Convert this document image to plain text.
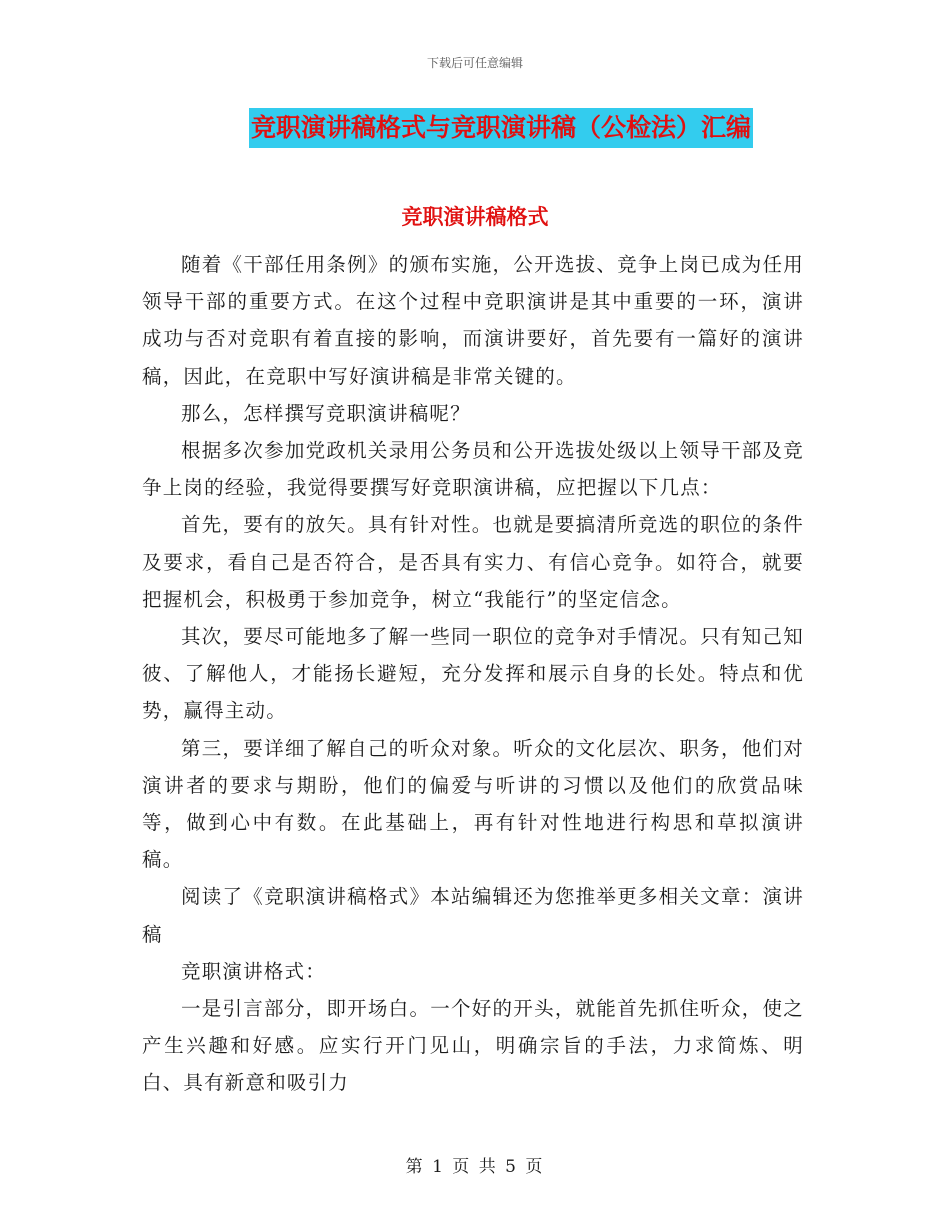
下载后可任意编辑
竞职演讲稿格式与竞职演讲稿（公检法）汇编
竞职演讲稿格式

随着《干部任用条例》的颁布实施，公开选拔、竞争上岗已成为任用领导干部的重要方式。在这个过程中竞职演讲是其中重要的一环，演讲成功与否对竞职有着直接的影响，而演讲要好，首先要有一篇好的演讲稿，因此，在竞职中写好演讲稿是非常关键的。

那么，怎样撰写竞职演讲稿呢？

根据多次参加党政机关录用公务员和公开选拔处级以上领导干部及竞争上岗的经验，我觉得要撰写好竞职演讲稿，应把握以下几点：

首先，要有的放矢。具有针对性。也就是要搞清所竞选的职位的条件及要求，看自己是否符合，是否具有实力、有信心竞争。如符合，就要把握机会，积极勇于参加竞争，树立“我能行”的坚定信念。

其次，要尽可能地多了解一些同一职位的竞争对手情况。只有知己知彼、了解他人，才能扬长避短，充分发挥和展示自身的长处。特点和优势，赢得主动。

第三，要详细了解自己的听众对象。听众的文化层次、职务，他们对演讲者的要求与期盼，他们的偏爱与听讲的习惯以及他们的欣赏品味等，做到心中有数。在此基础上，再有针对性地进行构思和草拟演讲稿。

阅读了《竞职演讲稿格式》本站编辑还为您推举更多相关文章：演讲稿

竞职演讲格式：

一是引言部分，即开场白。一个好的开头，就能首先抓住听众，使之产生兴趣和好感。应实行开门见山，明确宗旨的手法，力求简炼、明白、具有新意和吸引力

第 1 页 共 5 页
